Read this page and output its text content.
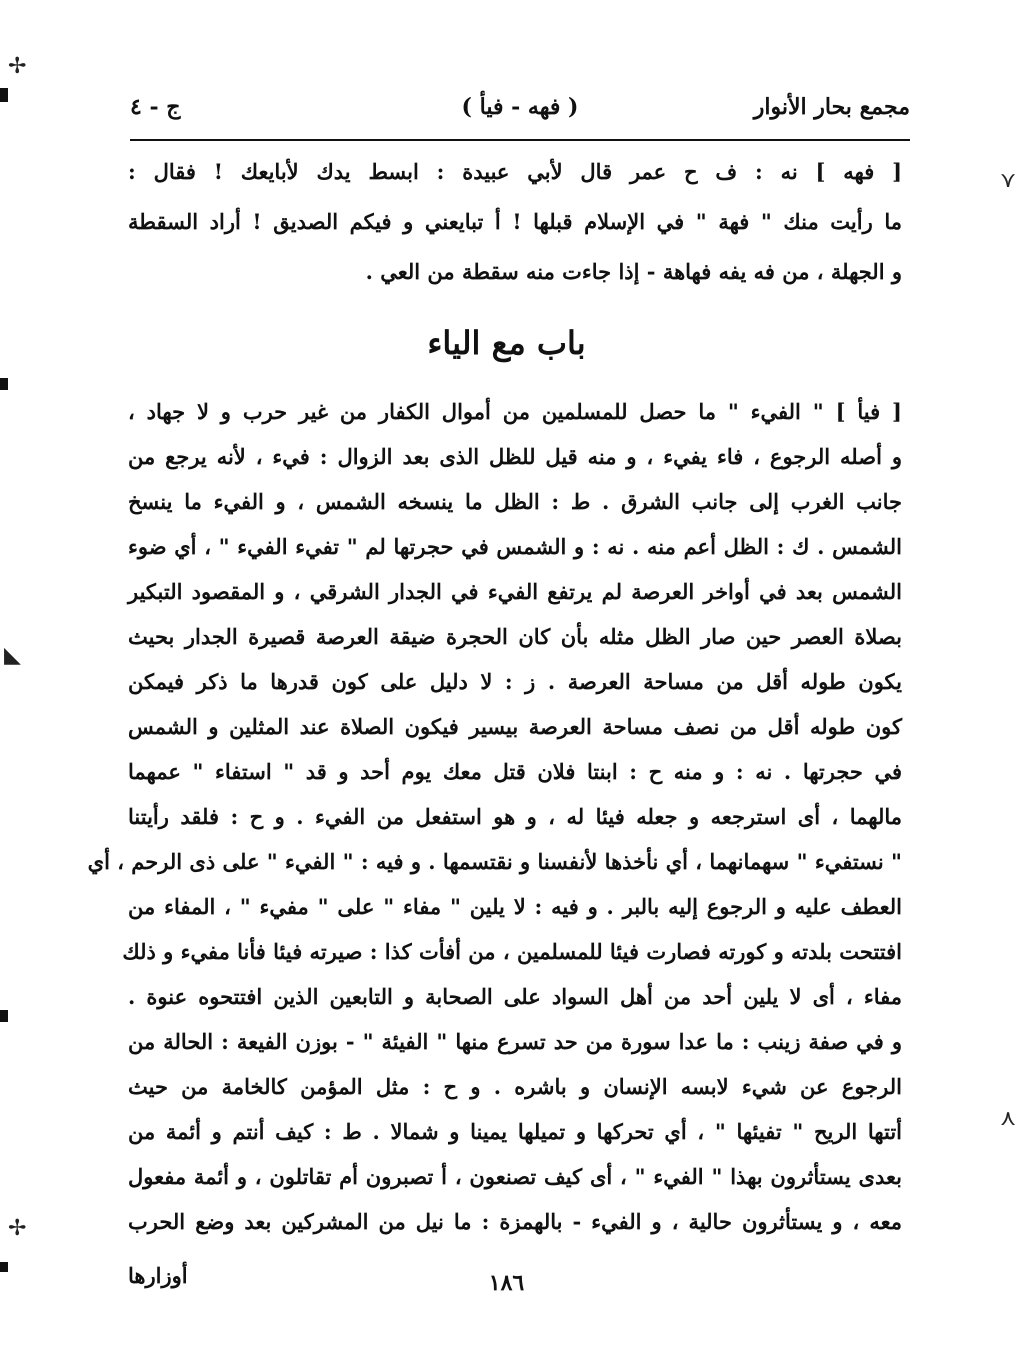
✢
⋎
◣
⋏
✢
مجمع بحار الأنوار
( فهه - فيأ )
ج - ٤
[ فهه ] نه : ف ح عمر قال لأبي عبيدة : ابسط يدك لأبايعك ! فقال :
ما رأيت منك " فهة " في الإسلام قبلها ! أ تبايعني و فيكم الصديق ! أراد السقطة
و الجهلة ، من فه يفه فهاهة - إذا جاءت منه سقطة من العي .
باب مع الياء
[ فيأ ] " الفيء " ما حصل للمسلمين من أموال الكفار من غير حرب و لا جهاد ،
و أصله الرجوع ، فاء يفيء ، و منه قيل للظل الذى بعد الزوال : فيء ، لأنه يرجع من
جانب الغرب إلى جانب الشرق . ط : الظل ما ينسخه الشمس ، و الفيء ما ينسخ
الشمس . ك : الظل أعم منه . نه : و الشمس في حجرتها لم " تفيء الفيء " ، أي ضوء
الشمس بعد في أواخر العرصة لم يرتفع الفيء في الجدار الشرقي ، و المقصود التبكير
بصلاة العصر حين صار الظل مثله بأن كان الحجرة ضيقة العرصة قصيرة الجدار بحيث
يكون طوله أقل من مساحة العرصة . ز : لا دليل على كون قدرها ما ذكر فيمكن
كون طوله أقل من نصف مساحة العرصة بيسير فيكون الصلاة عند المثلين و الشمس
في حجرتها . نه : و منه ح : ابنتا فلان قتل معك يوم أحد و قد " استفاء " عمهما
مالهما ، أى استرجعه و جعله فيئا له ، و هو استفعل من الفيء . و ح : فلقد رأيتنا
" نستفيء " سهمانهما ، أي نأخذها لأنفسنا و نقتسمها . و فيه : " الفيء " على ذى الرحم ، أي
العطف عليه و الرجوع إليه بالبر . و فيه : لا يلين " مفاء " على " مفيء " ، المفاء من
افتتحت بلدته و كورته فصارت فيئا للمسلمين ، من أفأت كذا : صيرته فيئا فأنا مفيء و ذلك
مفاء ، أى لا يلين أحد من أهل السواد على الصحابة و التابعين الذين افتتحوه عنوة .
و في صفة زينب : ما عدا سورة من حد تسرع منها " الفيئة " - بوزن الفيعة : الحالة من
الرجوع عن شيء لابسه الإنسان و باشره . و ح : مثل المؤمن كالخامة من حيث
أتتها الريح " تفيئها " ، أي تحركها و تميلها يمينا و شمالا . ط : كيف أنتم و أئمة من
بعدى يستأثرون بهذا " الفيء " ، أى كيف تصنعون ، أ تصبرون أم تقاتلون ، و أئمة مفعول
معه ، و يستأثرون حالية ، و الفيء - بالهمزة : ما نيل من المشركين بعد وضع الحرب
أوزارها	١٨٦
